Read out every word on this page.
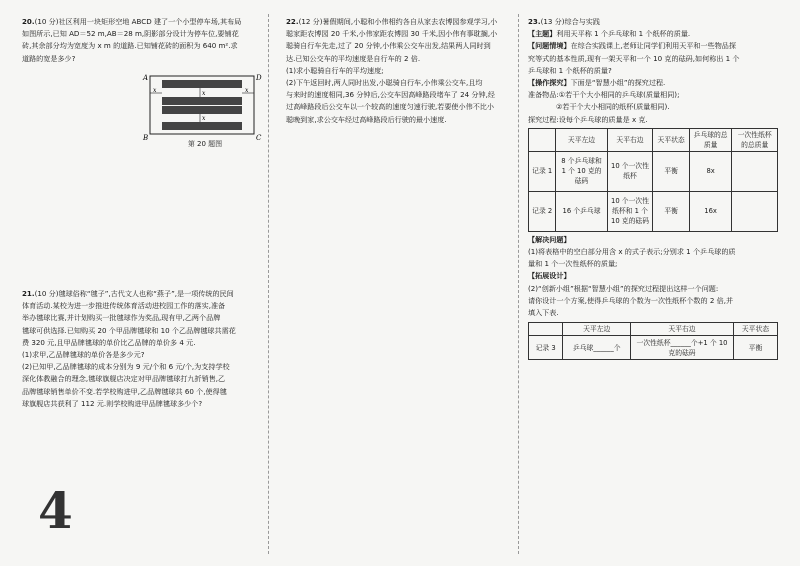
20.(10 分)社区利用一块矩形空地 ABCD 建了一个小型停车场,其布局

如图所示,已知 AD＝52 m,AB＝28 m,阴影部分设计为停车位,要铺花

砖,其余部分均为宽度为 x m 的道路.已知铺花砖的面积为 640 m².求

道路的宽是多少?

A	D
B	C
x	x
x
x
第 20 题图

21.(10 分)毽球俗称“毽子”,古代文人也称“燕子”,是一项传统的民间

体育活动.某校为进一步推进传统体育活动进校园工作的落实,准备

举办毽球比赛,并计划购买一批毽球作为奖品,现有甲,乙两个品牌

毽球可供选择.已知购买 20 个甲品牌毽球和 10 个乙品牌毽球共需花

费 320 元,且甲品牌毽球的单价比乙品牌的单价多 4 元.

(1)求甲,乙品牌毽球的单价各是多少元?

(2)已知甲,乙品牌毽球的成本分别为 9 元/个和 6 元/个,为支持学校

深化体教融合的理念,毽球旗舰店决定对甲品牌毽球打九折销售,乙

品牌毽球销售单价不变.若学校购进甲,乙品牌毽球共 60 个,使得毽

球旗舰店共获利了 112 元.则学校购进甲品牌毽球多少个?

4

22.(12 分)暑假期间,小聪和小伟相约各自从家去农博园参观学习,小

聪家距农博园 20 千米,小伟家距农博园 30 千米,因小伟有事耽搁,小

聪骑自行车先走,过了 20 分钟,小伟乘公交车出发,结果两人同时到

达.已知公交车的平均速度是自行车的 2 倍.

(1)求小聪骑自行车的平均速度;

(2)下午返回时,两人同时出发,小聪骑自行车,小伟乘公交车,且均

与来时的速度相同,36 分钟后,公交车因高峰路段堵车了 24 分钟,经

过高峰路段后公交车以一个较高的速度匀速行驶,若要使小伟不比小

聪晚到家,求公交车经过高峰路段后行驶的最小速度.

23.(13 分)综合与实践

【主题】利用天平称 1 个乒乓球和 1 个纸杯的质量.

【问题情境】在综合实践课上,老师让同学们利用天平和一些物品探

究等式的基本性质,现有一架天平和一个 10 克的砝码,如何称出 1 个

乒乓球和 1 个纸杯的质量?

【操作探究】下面是“智慧小组”的探究过程.

准备物品:①若干个大小相同的乒乓球(质量相同);

②若干个大小相同的纸杯(质量相同).

探究过程:设每个乒乓球的质量是 x 克.

	天平左边	天平右边	天平状态	乒乓球的总质量	一次性纸杯的总质量
记录 1	8 个乒乓球和 1 个 10 克的砝码	10 个一次性纸杯	平衡	8x	
记录 2	16 个乒乓球	10 个一次性纸杯和 1 个 10 克的砝码	平衡	16x	

【解决问题】

(1)将表格中的空白部分用含 x 的式子表示;分别求 1 个乒乓球的质

量和 1 个一次性纸杯的质量;

【拓展设计】

(2)“创新小组”根据“智慧小组”的探究过程提出这样一个问题:

请你设计一个方案,使得乒乓球的个数为一次性纸杯个数的 2 倍,并

填入下表.

	天平左边	天平右边	天平状态
记录 3	乒乓球______个	一次性纸杯______个+1 个 10 克的砝码	平衡
